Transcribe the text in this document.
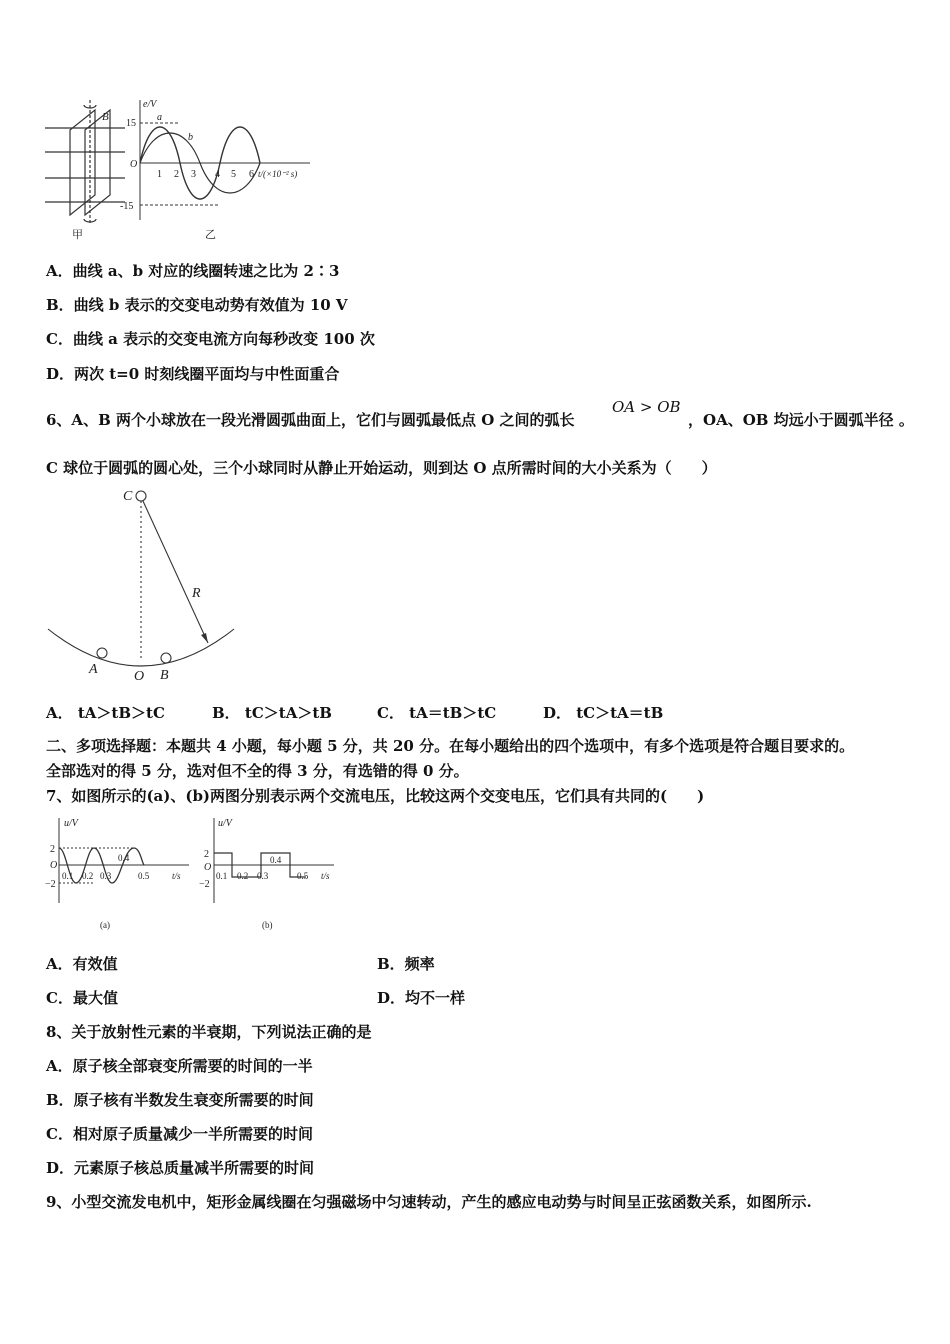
B
甲
e/V
15
-15
O
a
b
1 2 3 4 5 6 t/(×10⁻² s)
乙
A．曲线 a、b 对应的线圈转速之比为 2∶3
B．曲线 b 表示的交变电动势有效值为 10 V
C．曲线 a 表示的交变电流方向每秒改变 100 次
D．两次 t=0 时刻线圈平面均与中性面重合
6、A、B 两个小球放在一段光滑圆弧曲面上，它们与圆弧最低点 O 之间的弧长
OA > OB
，OA、OB 均远小于圆弧半径 。
C 球位于圆弧的圆心处，三个小球同时从静止开始运动，则到达 O 点所需时间的大小关系为（　　）
C
R
A	O B
A． tA＞tB＞tC	B． tC＞tA＞tB	C． tA＝tB＞tC	D． tC＞tA＝tB
二、多项选择题：本题共 4 小题，每小题 5 分，共 20 分。在每小题给出的四个选项中，有多个选项是符合题目要求的。
全部选对的得 5 分，选对但不全的得 3 分，有选错的得 0 分。
7、如图所示的(a)、(b)两图分别表示两个交流电压，比较这两个交变电压，它们具有共同的(　　)
u/V
2
O
−2
0.1 0.2 0.3
0.4
0.5	t/s
(a)
u/V
2
O
−2
0.1 0.2 0.3
0.4
0.5 t/s
(b)
A．有效值	B．频率
C．最大值	D．均不一样
8、关于放射性元素的半衰期，下列说法正确的是
A．原子核全部衰变所需要的时间的一半
B．原子核有半数发生衰变所需要的时间
C．相对原子质量减少一半所需要的时间
D．元素原子核总质量减半所需要的时间
9、小型交流发电机中，矩形金属线圈在匀强磁场中匀速转动，产生的感应电动势与时间呈正弦函数关系，如图所示.
